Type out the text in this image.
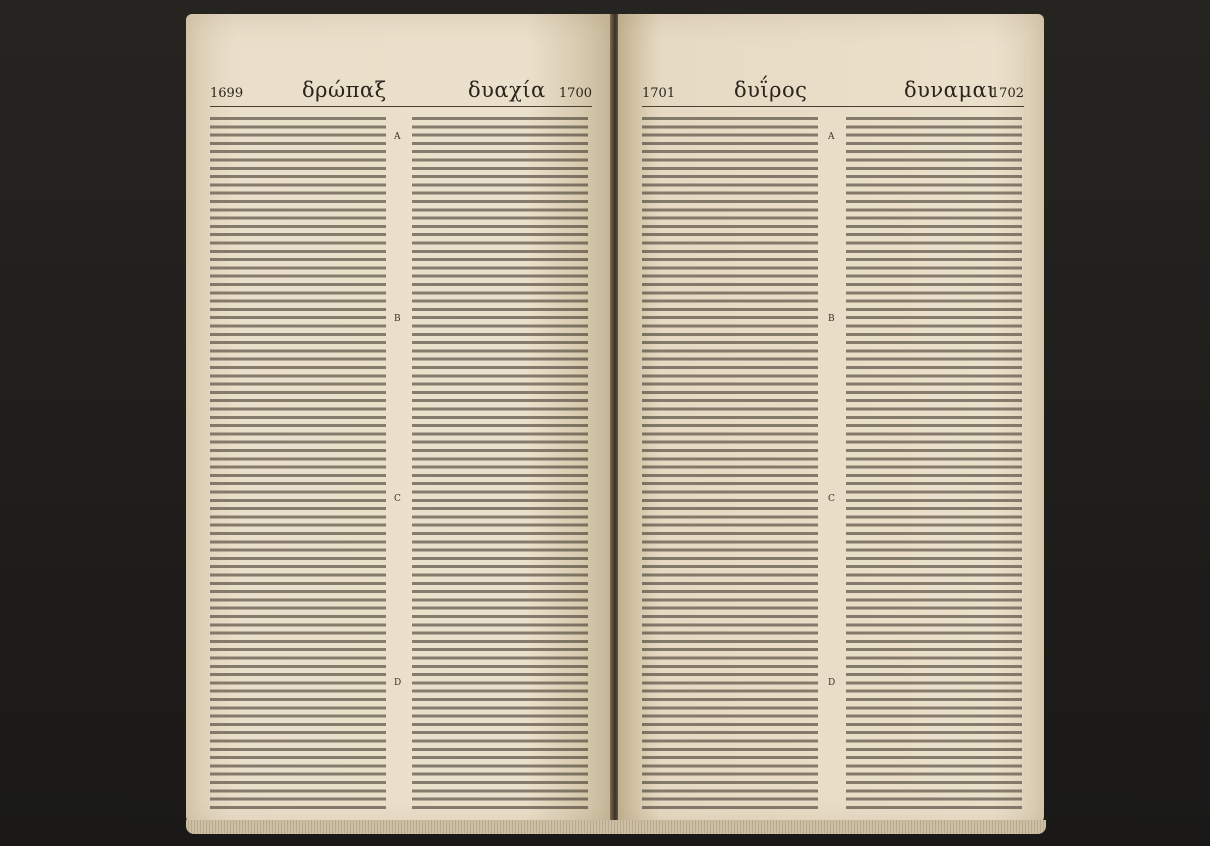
1699	δρώπαξ	δυαχία 1700
A
B
C
D
1701	δυΐρος	δυναμαι
1702
A
B
C
D
